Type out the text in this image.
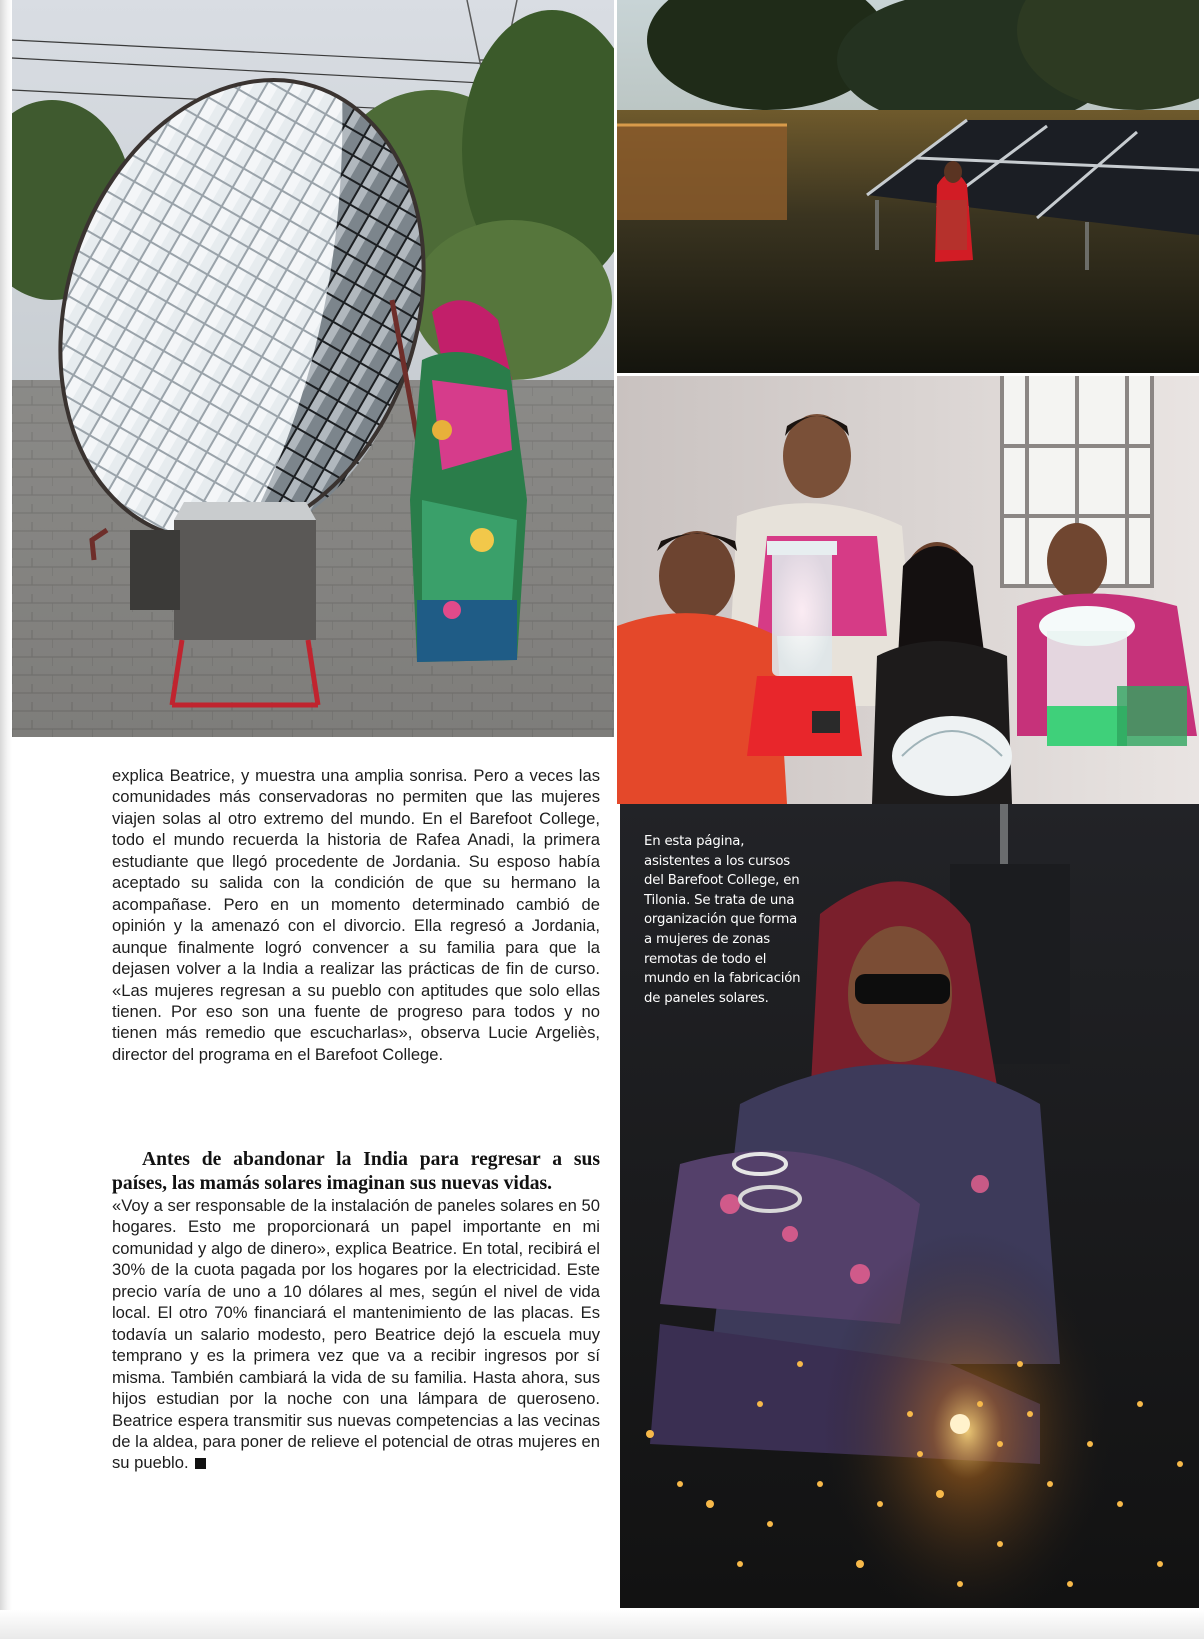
En esta página, asistentes a los cursos del Barefoot College, en Tilonia. Se trata de una organización que forma a mujeres de zonas remotas de todo el mundo en la fabricación de paneles solares.
explica Beatrice, y muestra una amplia sonrisa. Pero a veces las comunidades más conservadoras no permiten que las mujeres viajen solas al otro extremo del mundo. En el Barefoot College, todo el mundo recuerda la historia de Rafea Anadi, la primera estudiante que llegó procedente de Jordania. Su esposo había aceptado su salida con la condición de que su hermano la acompañase. Pero en un momento determinado cambió de opinión y la amenazó con el divorcio. Ella regresó a Jordania, aunque finalmente logró convencer a su familia para que la dejasen volver a la India a realizar las prácticas de fin de curso. «Las mujeres regresan a su pueblo con aptitudes que solo ellas tienen. Por eso son una fuente de progreso para todos y no tienen más remedio que escucharlas», observa Lucie Argeliès, director del programa en el Barefoot College.
Antes de abandonar la India para regresar a sus países, las mamás solares imaginan sus nuevas vidas.
«Voy a ser responsable de la instalación de paneles solares en 50 hogares. Esto me proporcionará un papel importante en mi comunidad y algo de dinero», explica Beatrice. En total, recibirá el 30% de la cuota pagada por los hogares por la electricidad. Este precio varía de uno a 10 dólares al mes, según el nivel de vida local. El otro 70% financiará el mantenimiento de las placas. Es todavía un salario modesto, pero Beatrice dejó la escuela muy temprano y es la primera vez que va a recibir ingresos por sí misma. También cambiará la vida de su familia. Hasta ahora, sus hijos estudian por la noche con una lámpara de queroseno. Beatrice espera transmitir sus nuevas competencias a las vecinas de la aldea, para poner de relieve el potencial de otras mujeres en su pueblo.
